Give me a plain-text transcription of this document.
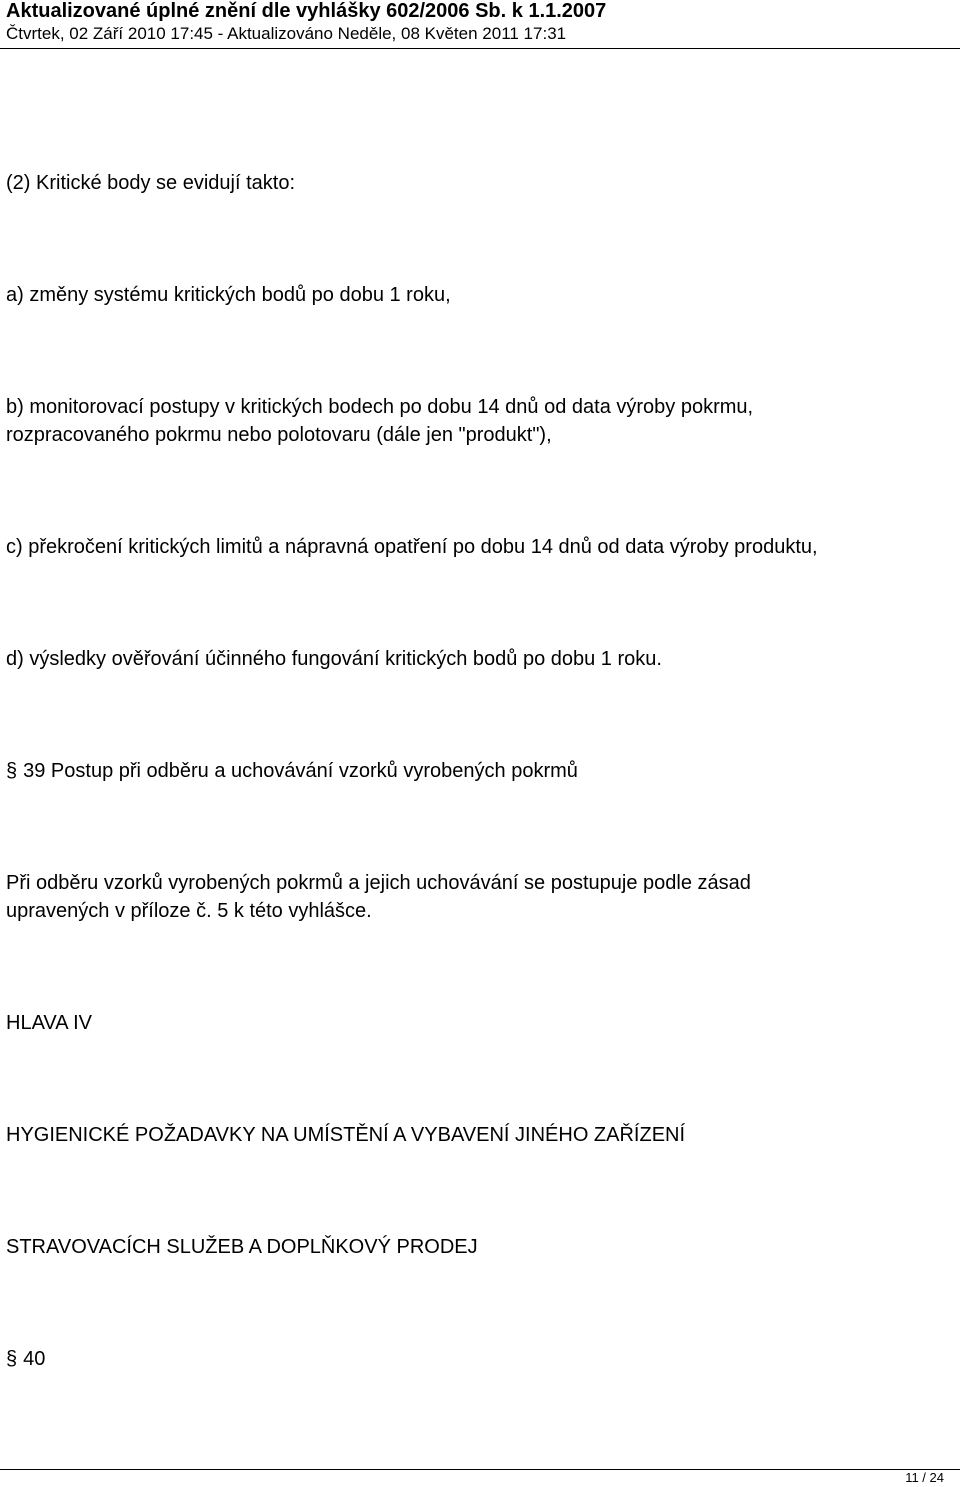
Aktualizované úplné znění dle vyhlášky 602/2006 Sb. k 1.1.2007
Čtvrtek, 02 Září 2010 17:45 - Aktualizováno Neděle, 08 Květen 2011 17:31
(2) Kritické body se evidují takto:
a) změny systému kritických bodů po dobu 1 roku,
b) monitorovací postupy v kritických bodech po dobu 14 dnů od data výroby pokrmu,
rozpracovaného pokrmu nebo polotovaru (dále jen "produkt"),
c) překročení kritických limitů a nápravná opatření po dobu 14 dnů od data výroby produktu,
d) výsledky ověřování účinného fungování kritických bodů po dobu 1 roku.
§ 39 Postup při odběru a uchovávání vzorků vyrobených pokrmů
Při odběru vzorků vyrobených pokrmů a jejich uchovávání se postupuje podle zásad
upravených v příloze č. 5 k této vyhlášce.
HLAVA IV
HYGIENICKÉ POŽADAVKY NA UMÍSTĚNÍ A VYBAVENÍ JINÉHO ZAŘÍZENÍ
STRAVOVACÍCH SLUŽEB A DOPLŇKOVÝ PRODEJ
§ 40
11 / 24
